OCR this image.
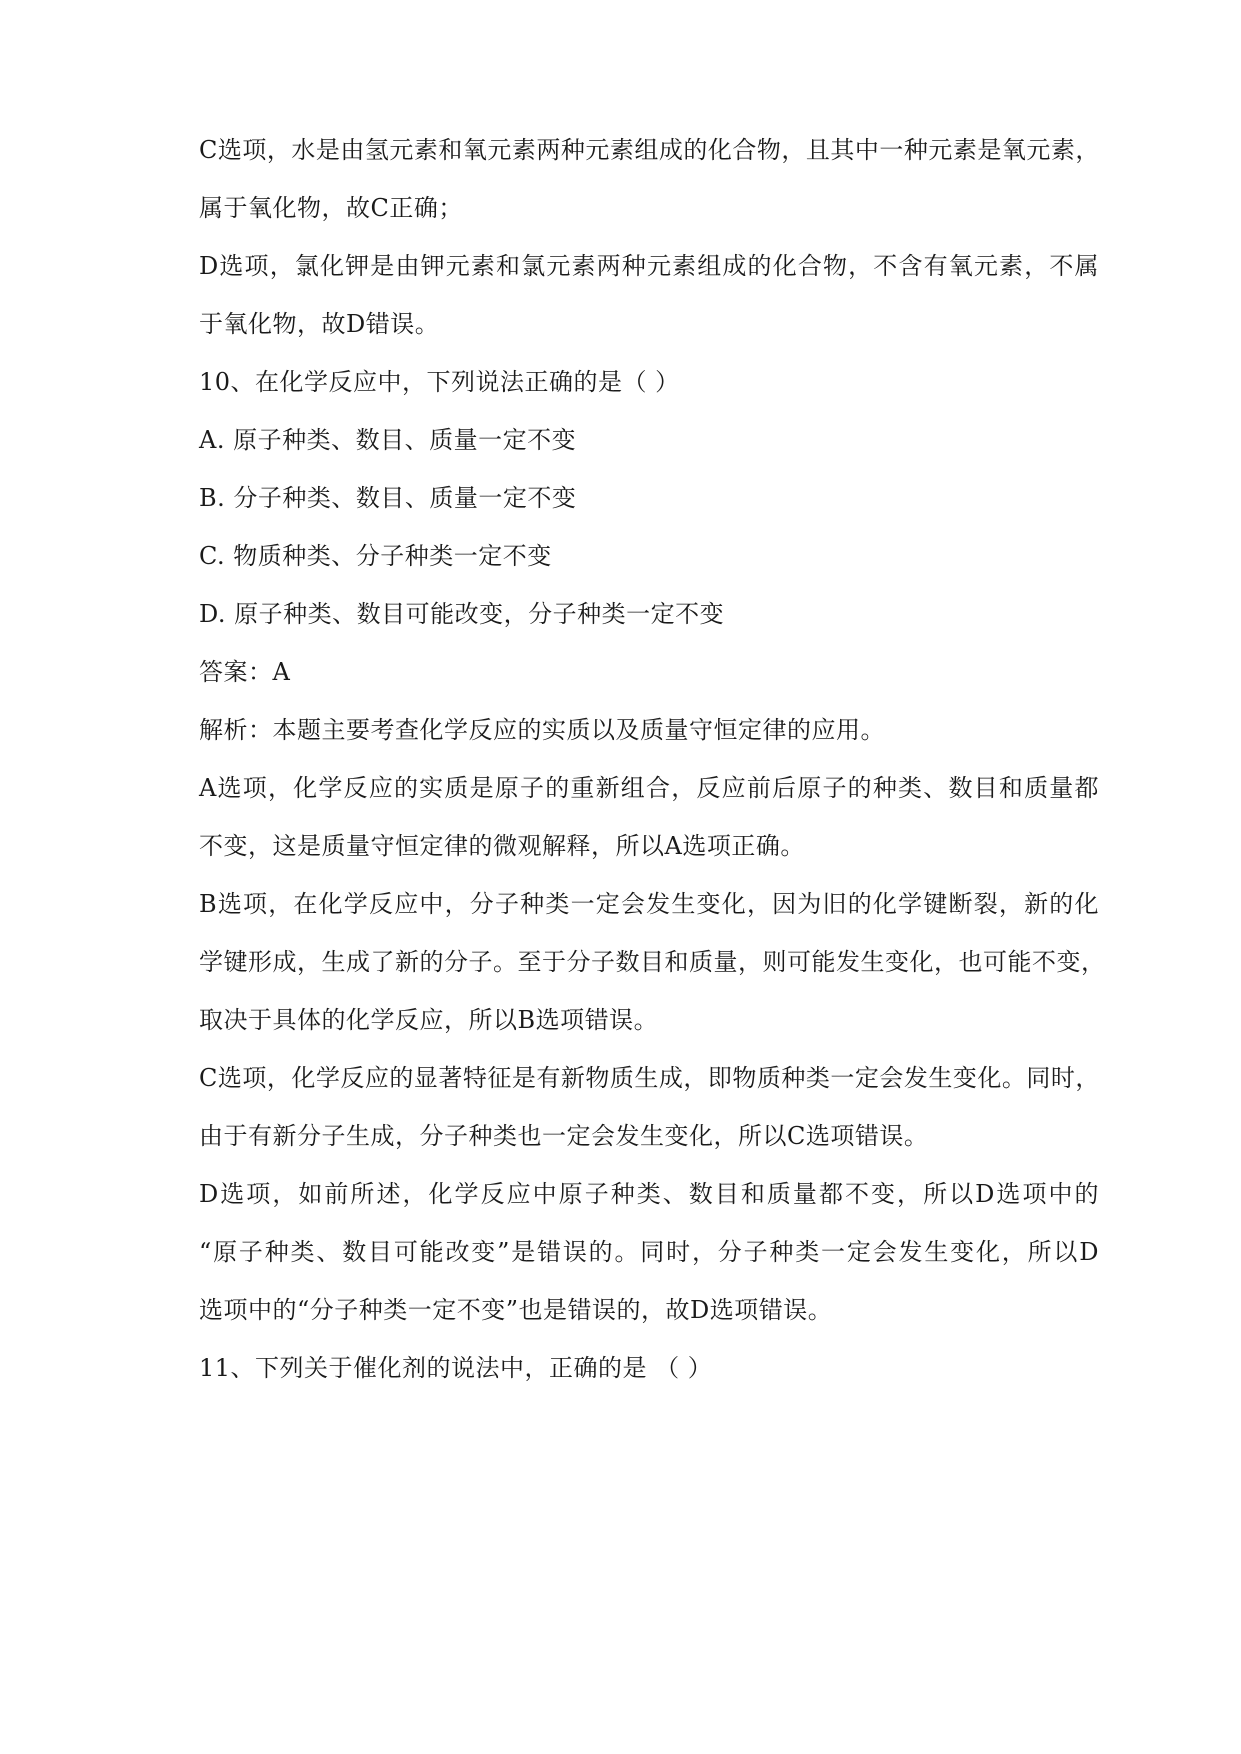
C选项，水是由氢元素和氧元素两种元素组成的化合物，且其中一种元素是氧元素，
属于氧化物，故C正确；
D选项，氯化钾是由钾元素和氯元素两种元素组成的化合物，不含有氧元素，不属
于氧化物，故D错误。
10、在化学反应中，下列说法正确的是（ ）
A. 原子种类、数目、质量一定不变
B. 分子种类、数目、质量一定不变
C. 物质种类、分子种类一定不变
D. 原子种类、数目可能改变，分子种类一定不变
答案：A
解析：本题主要考查化学反应的实质以及质量守恒定律的应用。
A选项，化学反应的实质是原子的重新组合，反应前后原子的种类、数目和质量都
不变，这是质量守恒定律的微观解释，所以A选项正确。
B选项，在化学反应中，分子种类一定会发生变化，因为旧的化学键断裂，新的化
学键形成，生成了新的分子。至于分子数目和质量，则可能发生变化，也可能不变，
取决于具体的化学反应，所以B选项错误。
C选项，化学反应的显著特征是有新物质生成，即物质种类一定会发生变化。同时，
由于有新分子生成，分子种类也一定会发生变化，所以C选项错误。
D选项，如前所述，化学反应中原子种类、数目和质量都不变，所以D选项中的
“原子种类、数目可能改变”是错误的。同时，分子种类一定会发生变化，所以D
选项中的“分子种类一定不变”也是错误的，故D选项错误。
11、下列关于催化剂的说法中，正确的是 （ ）
